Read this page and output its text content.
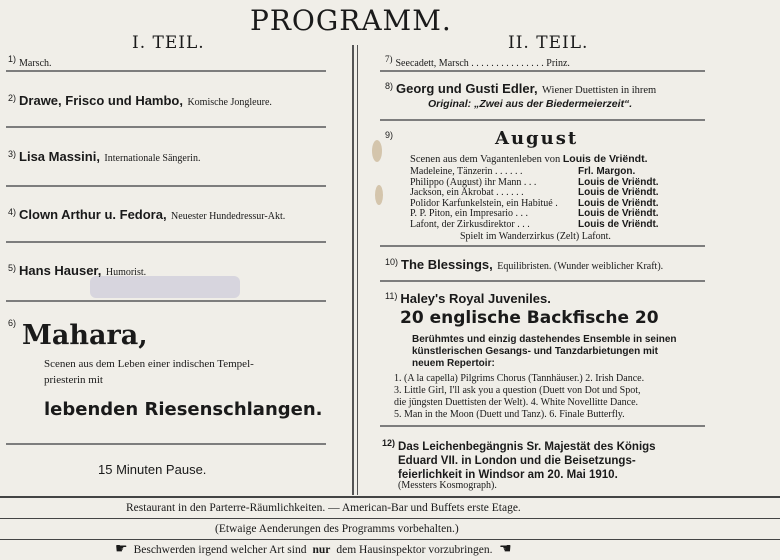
PROGRAMM.
I. TEIL.	II. TEIL.
1) Marsch.
$^{2)}$ Drawe, Frisco und Hambo, Komische Jongleure.
$^{3)}$ Lisa Massini, Internationale Sängerin.
$^{4)}$ Clown Arthur u. Fedora, Neuester Hundedressur-Akt.
$^{5)}$ Hans Hauser, Humorist.
6) Mahara,
Scenen aus dem Leben einer indischen Tempel-
priesterin mit
lebenden Riesenschlangen.
15 Minuten Pause.
7) Seecadett, Marsch . . . . . . . . . . . . . . . Prinz.
$^{8)}$ Georg und Gusti Edler, Wiener Duettisten in ihrem
Original: „Zwei aus der Biedermeierzeit“.
9)	August
Scenen aus dem Vagantenleben von Louis de Vriëndt.
Madeleine, Tänzerin . . . . . .	Frl. Margon.
Philippo (August) ihr Mann . . .	Louis de Vriëndt.
Jackson, ein Akrobat . . . . . .	Louis de Vriëndt.
Polidor Karfunkelstein, ein Habitué .	Louis de Vriëndt.
P. P. Piton, ein Impresario . . .	Louis de Vriëndt.
Lafont, der Zirkusdirektor . . .	Louis de Vriëndt.
Spielt im Wanderzirkus (Zelt) Lafont.
$^{10)}$ The Blessings, Equilibristen. (Wunder weiblicher Kraft).
$^{11)}$ Haley's Royal Juveniles.
20 englische Backfische 20
Berühmtes und einzig dastehendes Ensemble in seinen
künstlerischen Gesangs- und Tanzdarbietungen mit
neuem Repertoir:
1. (A la capella) Pilgrims Chorus (Tannhäuser.) 2. Irish Dance.
3. Little Girl, I'll ask you a question (Duett von Dot und Spot,
die jüngsten Duettisten der Welt). 4. White Novellitte Dance.
5. Man in the Moon (Duett und Tanz). 6. Finale Butterfly.
$^{12)}$ Das Leichenbegängnis Sr. Majestät des Königs
Eduard VII. in London und die Beisetzungs-
feierlichkeit in Windsor am 20. Mai 1910.
(Messters Kosmograph).
Restaurant in den Parterre-Räumlichkeiten. — American-Bar und Buffets erste Etage.
(Etwaige Aenderungen des Programms vorbehalten.)
☛ Beschwerden irgend welcher Art sind nur dem Hausinspektor vorzubringen. ☛
